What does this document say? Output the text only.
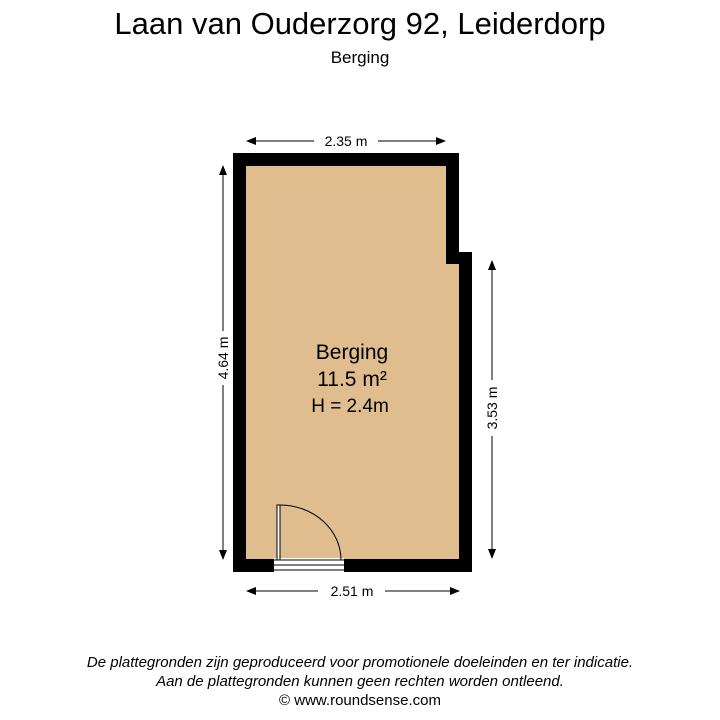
Laan van Ouderzorg 92, Leiderdorp
Berging
2.35 m
2.51 m
4.64 m
3.53 m
Berging
11.5 m²
H = 2.4m
De plattegronden zijn geproduceerd voor promotionele doeleinden en ter indicatie.
Aan de plattegronden kunnen geen rechten worden ontleend.
© www.roundsense.com
